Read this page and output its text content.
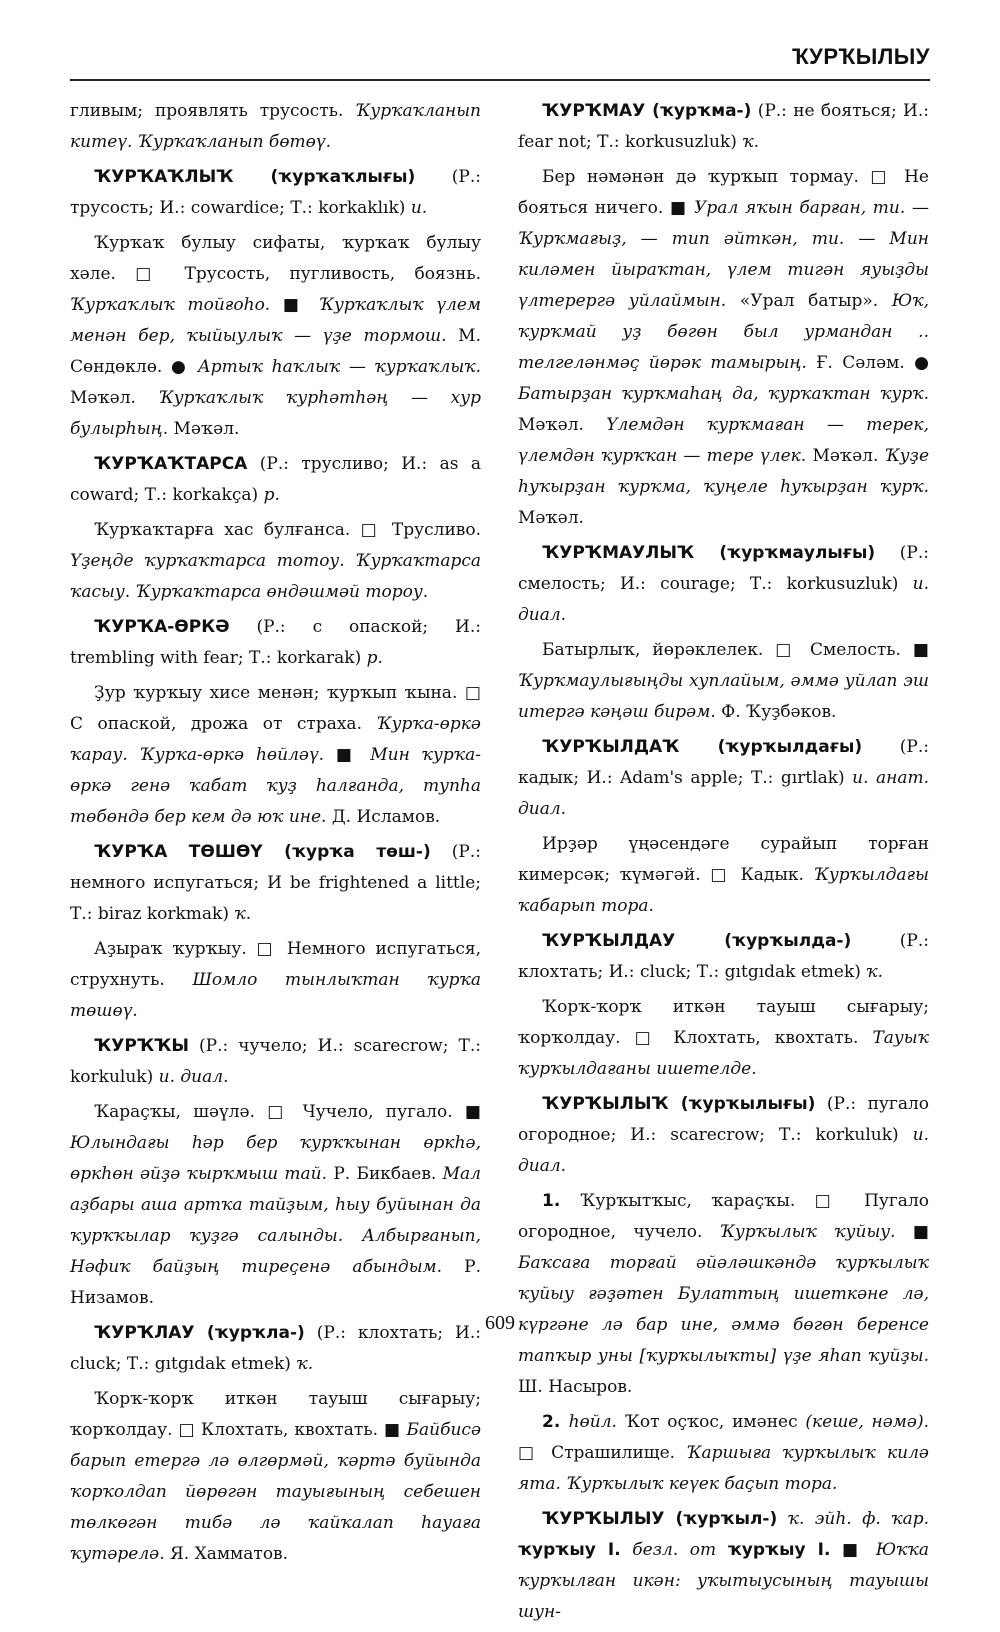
ҠУРҠЫЛЫУ

гливым; проявлять трусость. Ҡурҡаҡланып китеү. Ҡурҡаҡланып бөтөү.

ҠУРҠАҠЛЫҠ (ҡурҡаҡлығы) (Р.: трусость; И.: cowardice; Т.: korkaklık) и.

Ҡурҡаҡ булыу сифаты, ҡурҡаҡ булыу хәле. □ Трусость, пугливость, боязнь. Ҡурҡаҡлыҡ тойғоһо. ■ Ҡурҡаҡлыҡ үлем менән бер, ҡыйыулыҡ — үҙе тормош. М. Сөндөклө. ● Артыҡ һаҡлыҡ — ҡурҡаҡлыҡ. Мәҡәл. Ҡурҡаҡлыҡ ҡурһәтһәң — хур булырһың. Мәҡәл.

ҠУРҠАҠТАРСА (Р.: трусливо; И.: as a coward; Т.: korkakça) р.

Ҡурҡаҡтарға хас булғанса. □ Трусливо. Үҙеңде ҡурҡаҡтарса тотоу. Ҡурҡаҡтарса ҡасыу. Ҡурҡаҡтарса өндәшмәй тороу.

ҠУРҠА-ӨРКӘ (Р.: с опаской; И.: trembling with fear; Т.: korkarak) р.

Ҙур ҡурҡыу хисе менән; ҡурҡып ҡына. □ С опаской, дрожа от страха. Ҡурҡа-өркә ҡарау. Ҡурҡа-өркә һөйләү. ■ Мин ҡурҡа-өркә генә ҡабат ҡуҙ һалғанда, тупһа төбөндә бер кем дә юҡ ине. Д. Исламов.

ҠУРҠА ТӨШӨҮ (ҡурҡа төш-) (Р.: немного испугаться; И be frightened a little; Т.: biraz korkmak) ҡ.

Аҙыраҡ ҡурҡыу. □ Немного испугаться, струхнуть. Шомло тынлыҡтан ҡурҡа төшөү.

ҠУРҠҠЫ (Р.: чучело; И.: scarecrow; Т.: korkuluk) и. диал.

Ҡараҫҡы, шәүлә. □ Чучело, пугало. ■ Юлындағы һәр бер ҡурҡҡынан өркһә, өркһөн әйҙә ҡырҡмыш тай. Р. Бикбаев. Мал аҙбары аша артҡа тайҙым, һыу буйынан да ҡурҡҡылар ҡуҙгә салынды. Албырғанып, Нәфиҡ байҙың тиреҫенә абындым. Р. Низамов.

ҠУРҠЛАУ (ҡурҡла-) (Р.: клохтать; И.: cluck; Т.: gıtgıdak etmek) ҡ.

Ҡорҡ-ҡорҡ иткән тауыш сығарыу; ҡорҡолдау. □ Клохтать, квохтать. ■ Байбисә барып етергә лә өлгөрмәй, ҡәртә буйында ҡорҡолдап йөрөгән тауығының себешен төлкөгән тибә лә ҡайҡалап һауаға ҡутәрелә. Я. Хамматов.

ҠУРҠМАУ (ҡурҡма-) (Р.: не бояться; И.: fear not; Т.: korkusuzluk) ҡ.

Бер нәмәнән дә ҡурҡып тормау. □ Не бояться ничего. ■ Урал яҡын барған, ти. — Ҡурҡмағыҙ, — тип әйткән, ти. — Мин киләмен йыраҡтан, үлем тигән яуыҙды үлтерергә уйлаймын. «Урал батыр». Юҡ, ҡурҡмай уҙ бөгөн был урмандан .. телгеләнмәҫ йөрәк тамырың. Ғ. Сәләм. ● Батырҙан ҡурҡмаһаң да, ҡурҡаҡтан ҡурҡ. Мәҡәл. Үлемдән ҡурҡмаған — терек, үлемдән ҡурҡҡан — тере үлек. Мәҡәл. Ҡуҙе һуҡырҙан ҡурҡма, ҡуңеле һуҡырҙан ҡурҡ. Мәҡәл.

ҠУРҠМАУЛЫҠ (ҡурҡмаулығы) (Р.: смелость; И.: courage; Т.: korkusuzluk) и. диал.

Батырлыҡ, йөрәклелек. □ Смелость. ■ Ҡурҡмаулығыңды хуплайым, әммә уйлап эш итергә кәңәш бирәм. Ф. Ҡуҙбәков.

ҠУРҠЫЛДАҠ (ҡурҡылдағы) (Р.: кадык; И.: Adam's apple; Т.: gırtlak) и. анат. диал.

Ирҙәр үңәсендәге сурайып торған кимерсәк; ҡүмәгәй. □ Кадык. Ҡурҡылдағы ҡабарып тора.

ҠУРҠЫЛДАУ (ҡурҡылда-) (Р.: клохтать; И.: cluck; Т.: gıtgıdak etmek) ҡ.

Ҡорҡ-ҡорҡ иткән тауыш сығарыу; ҡорҡолдау. □ Клохтать, квохтать. Тауыҡ ҡурҡылдағаны ишетелде.

ҠУРҠЫЛЫҠ (ҡурҡылығы) (Р.: пугало огородное; И.: scarecrow; Т.: korkuluk) и. диал.

1. Ҡурҡытҡыс, ҡараҫҡы. □ Пугало огородное, чучело. Ҡурҡылыҡ ҡуйыу. ■ Баҡсаға торғай әйәләшкәндә ҡурҡылыҡ ҡуйыу ғәҙәтен Булаттың ишеткәне лә, күргәне лә бар ине, әммә бөгөн беренсе тапҡыр уны [ҡурҡылыҡты] үҙе яһап ҡуйҙы. Ш. Насыров.

2. һөйл. Ҡот оҫҡос, имәнес (кеше, нәмә). □ Страшилище. Ҡаршыға ҡурҡылыҡ килә ята. Ҡурҡылыҡ кеүек баҫып тора.

ҠУРҠЫЛЫУ (ҡурҡыл-) ҡ. эйһ. ф. ҡар. ҡурҡыу I. безл. от ҡурҡыу I. ■ Юҡҡа ҡурҡылған икән: уҡытыусының тауышы шун-

609
